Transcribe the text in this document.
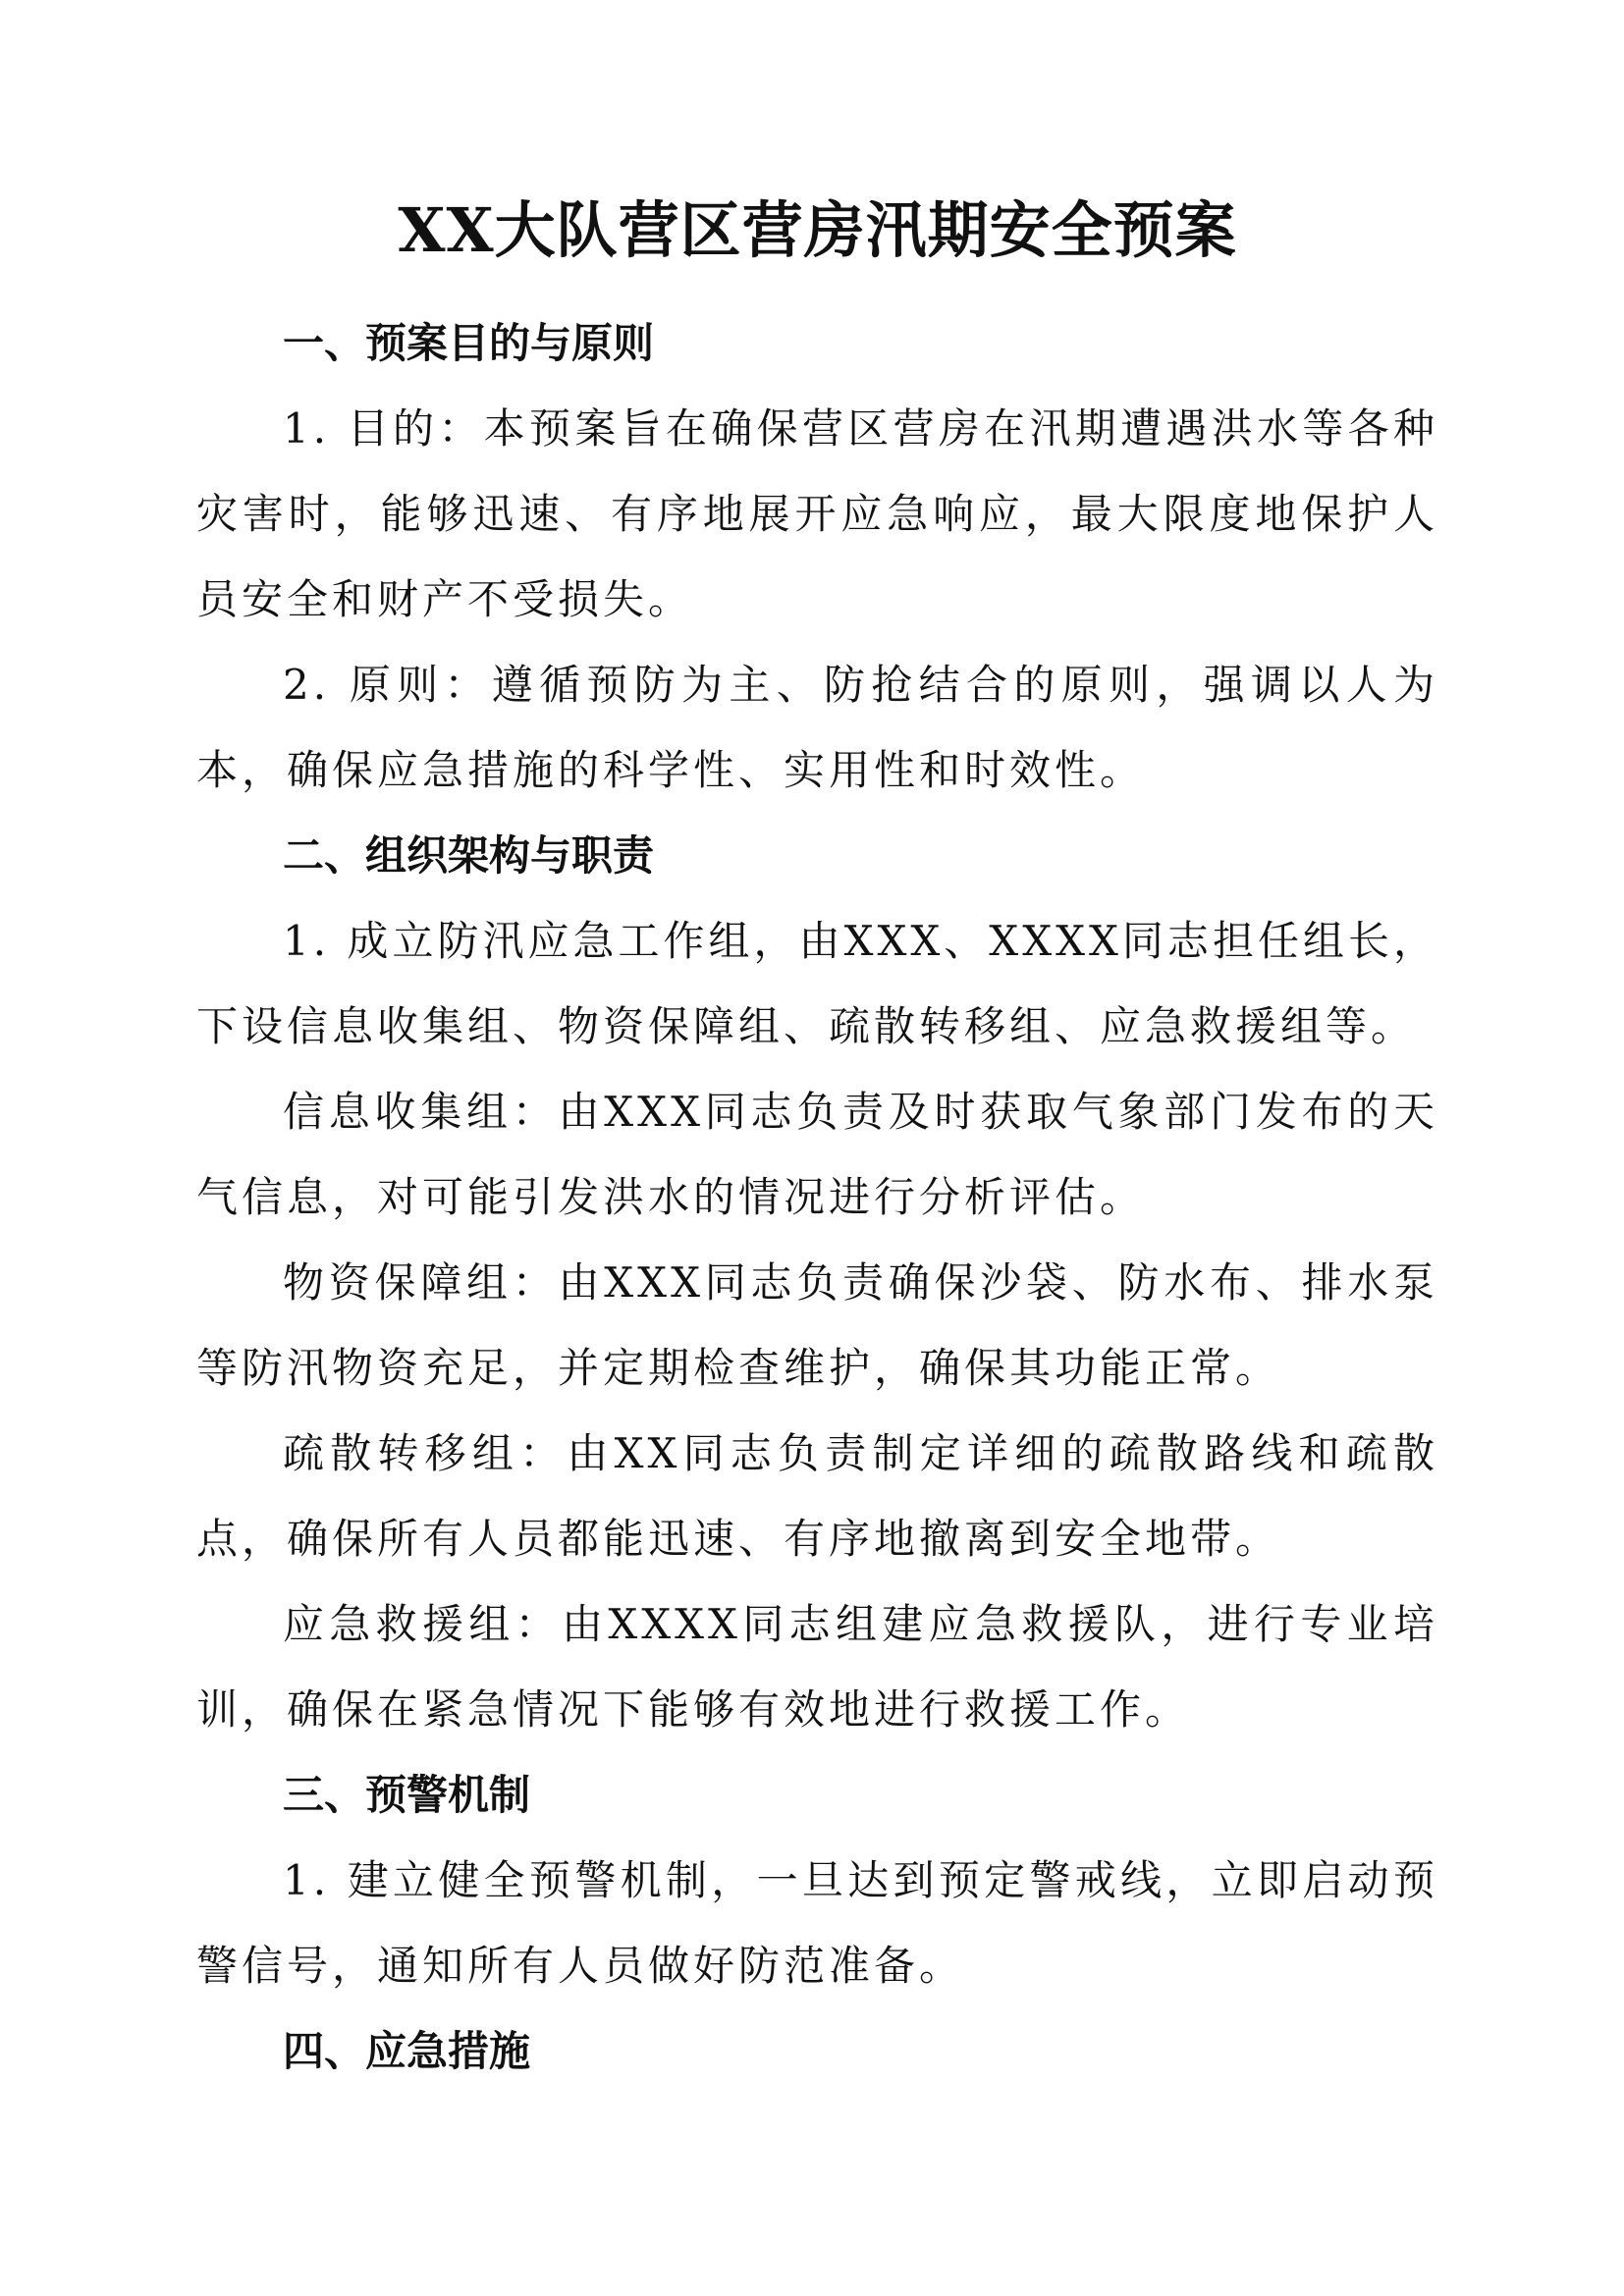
XX大队营区营房汛期安全预案
一、预案目的与原则

1. 目的：本预案旨在确保营区营房在汛期遭遇洪水等各种灾害时，能够迅速、有序地展开应急响应，最大限度地保护人员安全和财产不受损失。

2. 原则：遵循预防为主、防抢结合的原则，强调以人为本，确保应急措施的科学性、实用性和时效性。

二、组织架构与职责

1. 成立防汛应急工作组，由XXX、XXXX同志担任组长，下设信息收集组、物资保障组、疏散转移组、应急救援组等。

信息收集组：由XXX同志负责及时获取气象部门发布的天气信息，对可能引发洪水的情况进行分析评估。

物资保障组：由XXX同志负责确保沙袋、防水布、排水泵等防汛物资充足，并定期检查维护，确保其功能正常。

疏散转移组：由XX同志负责制定详细的疏散路线和疏散点，确保所有人员都能迅速、有序地撤离到安全地带。

应急救援组：由XXXX同志组建应急救援队，进行专业培训，确保在紧急情况下能够有效地进行救援工作。

三、预警机制

1. 建立健全预警机制，一旦达到预定警戒线，立即启动预警信号，通知所有人员做好防范准备。

四、应急措施
